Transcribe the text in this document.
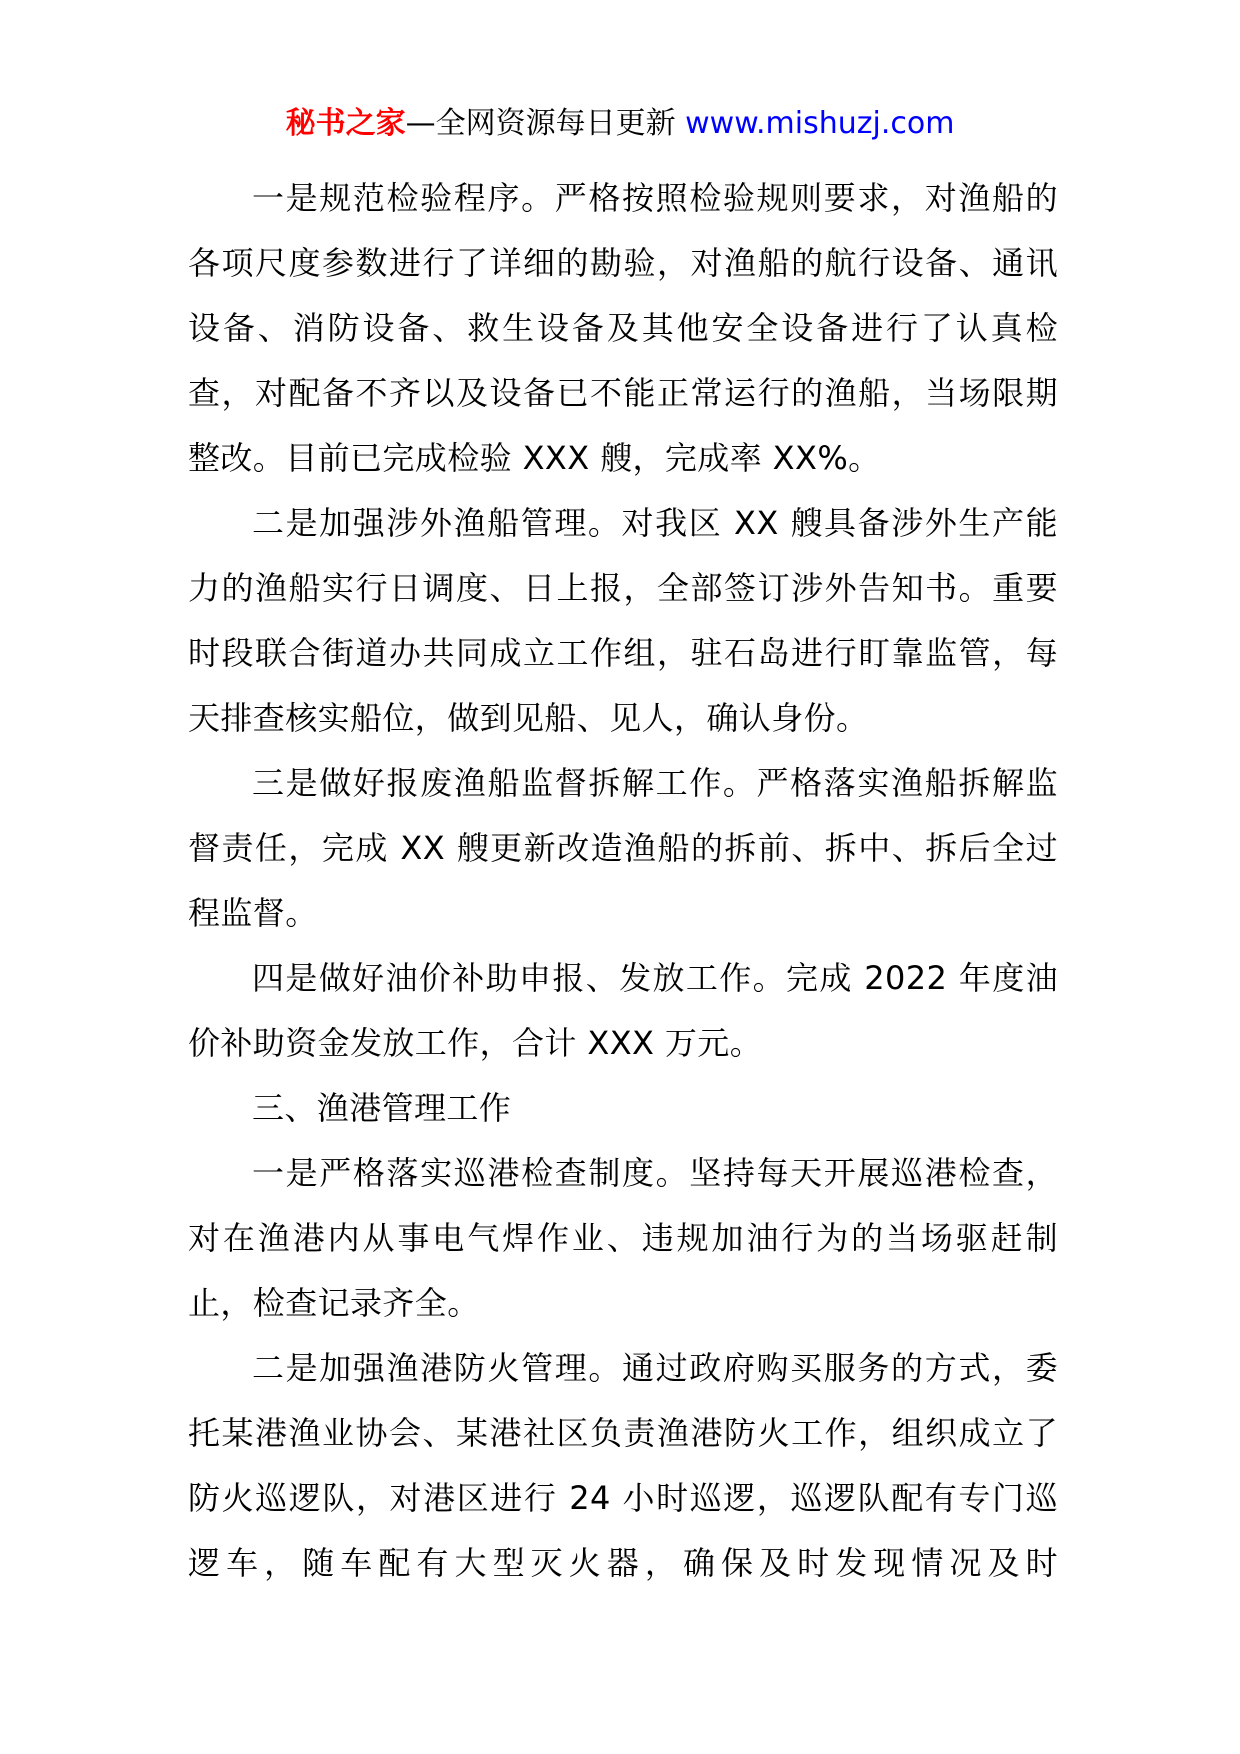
秘书之家—全网资源每日更新 www.mishuzj.com

一是规范检验程序。严格按照检验规则要求，对渔船的各项尺度参数进行了详细的勘验，对渔船的航行设备、通讯设备、消防设备、救生设备及其他安全设备进行了认真检查，对配备不齐以及设备已不能正常运行的渔船，当场限期整改。目前已完成检验 XXX 艘，完成率 XX%。

二是加强涉外渔船管理。对我区 XX 艘具备涉外生产能力的渔船实行日调度、日上报，全部签订涉外告知书。重要时段联合街道办共同成立工作组，驻石岛进行盯靠监管，每天排查核实船位，做到见船、见人，确认身份。

三是做好报废渔船监督拆解工作。严格落实渔船拆解监督责任，完成 XX 艘更新改造渔船的拆前、拆中、拆后全过程监督。

四是做好油价补助申报、发放工作。完成 2022 年度油价补助资金发放工作，合计 XXX 万元。

三、渔港管理工作

一是严格落实巡港检查制度。坚持每天开展巡港检查，对在渔港内从事电气焊作业、违规加油行为的当场驱赶制止，检查记录齐全。

二是加强渔港防火管理。通过政府购买服务的方式，委托某港渔业协会、某港社区负责渔港防火工作，组织成立了防火巡逻队，对港区进行 24 小时巡逻，巡逻队配有专门巡逻车，随车配有大型灭火器，确保及时发现情况及时
